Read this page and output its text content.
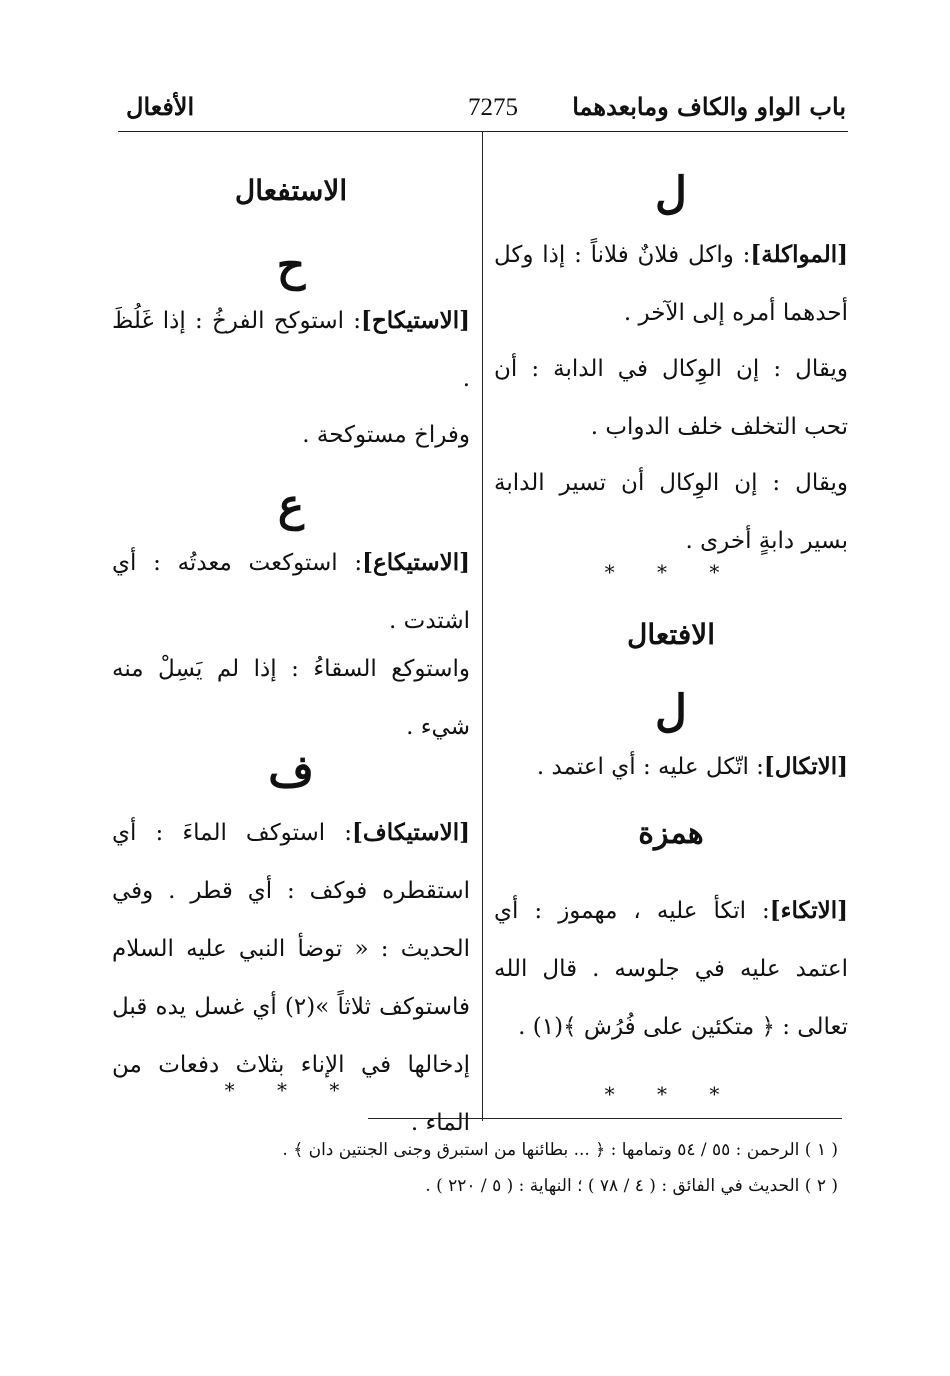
باب الواو والكاف ومابعدهما
7275
الأفعال
ل
[المواكلة]: واكل فلانٌ فلاناً : إذا وكل أحدهما أمره إلى الآخر .
ويقال : إن الوِكال في الدابة : أن تحب التخلف خلف الدواب .
ويقال : إن الوِكال أن تسير الدابة بسير دابةٍ أخرى .
* * *
الافتعال
ل
[الاتكال]: اتّكل عليه : أي اعتمد .
همزة
[الاتكاء]: اتكأ عليه ، مهموز : أي اعتمد عليه في جلوسه . قال الله تعالى : ﴿ متكئين على فُرُش ﴾(١) .
* * *
الاستفعال
ح
[الاستيكاح]: استوكح الفرخُ : إذا غَلُظَ .
وفراخ مستوكحة .
ع
[الاستيكاع]: استوكعت معدتُه : أي اشتدت .
واستوكع السقاءُ : إذا لم يَسِلْ منه شيء .
ف
[الاستيكاف]: استوكف الماءَ : أي استقطره فوكف : أي قطر . وفي الحديث : « توضأ النبي عليه السلام فاستوكف ثلاثاً »(٢) أي غسل يده قبل إدخالها في الإناء بثلاث دفعات من الماء .
* * *
( ١ ) الرحمن : ٥٥ / ٥٤ وتمامها : ﴿ ... بطائنها من استبرق وجنى الجنتين دان ﴾ .
( ٢ ) الحديث في الفائق : ( ٤ / ٧٨ ) ؛ النهاية : ( ٥ / ٢٢٠ ) .
